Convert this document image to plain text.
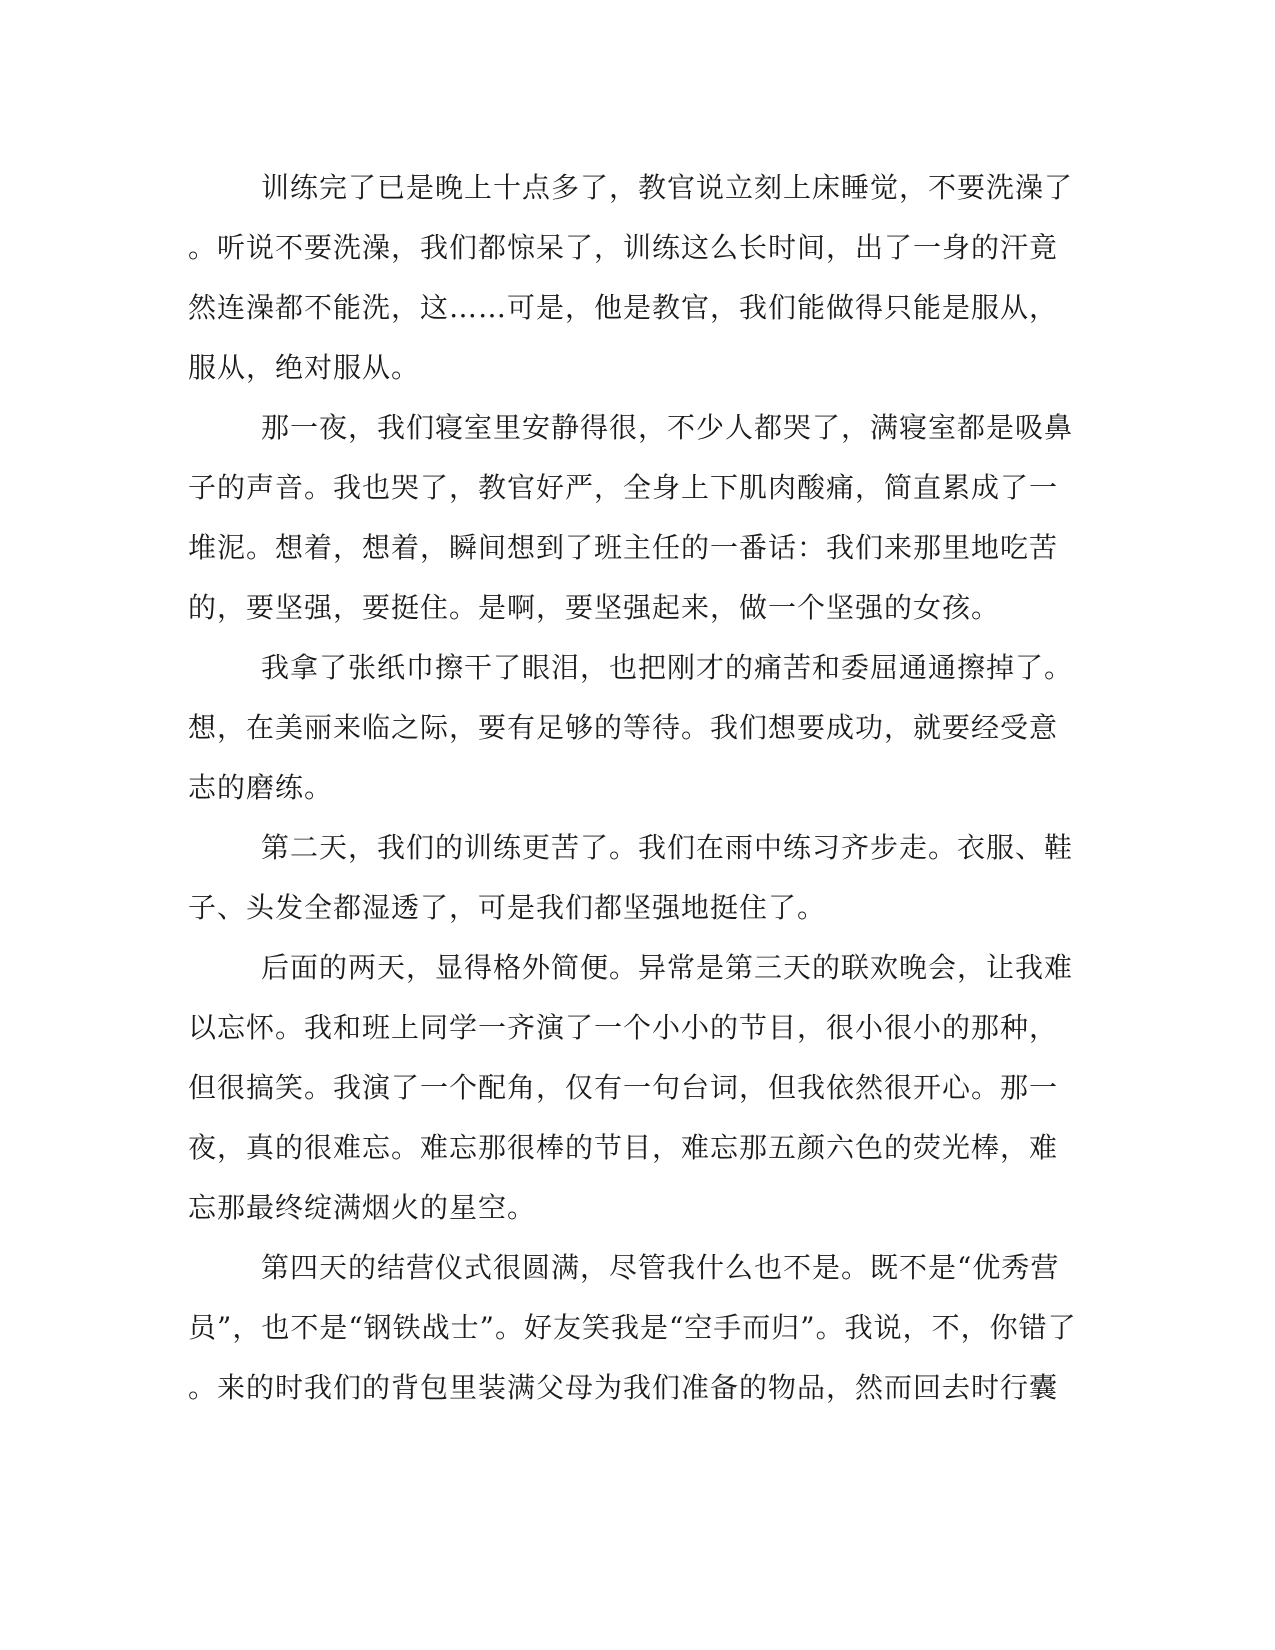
训练完了已是晚上十点多了，教官说立刻上床睡觉，不要洗澡了
。听说不要洗澡，我们都惊呆了，训练这么长时间，出了一身的汗竟
然连澡都不能洗，这……可是，他是教官，我们能做得只能是服从，
服从，绝对服从。
那一夜，我们寝室里安静得很，不少人都哭了，满寝室都是吸鼻
子的声音。我也哭了，教官好严，全身上下肌肉酸痛，简直累成了一
堆泥。想着，想着，瞬间想到了班主任的一番话：我们来那里地吃苦
的，要坚强，要挺住。是啊，要坚强起来，做一个坚强的女孩。
我拿了张纸巾擦干了眼泪，也把刚才的痛苦和委屈通通擦掉了。
想，在美丽来临之际，要有足够的等待。我们想要成功，就要经受意
志的磨练。
第二天，我们的训练更苦了。我们在雨中练习齐步走。衣服、鞋
子、头发全都湿透了，可是我们都坚强地挺住了。
后面的两天，显得格外简便。异常是第三天的联欢晚会，让我难
以忘怀。我和班上同学一齐演了一个小小的节目，很小很小的那种，
但很搞笑。我演了一个配角，仅有一句台词，但我依然很开心。那一
夜，真的很难忘。难忘那很棒的节目，难忘那五颜六色的荧光棒，难
忘那最终绽满烟火的星空。
第四天的结营仪式很圆满，尽管我什么也不是。既不是“优秀营
员”，也不是“钢铁战士”。好友笑我是“空手而归”。我说，不，你错了
。来的时我们的背包里装满父母为我们准备的物品，然而回去时行囊
